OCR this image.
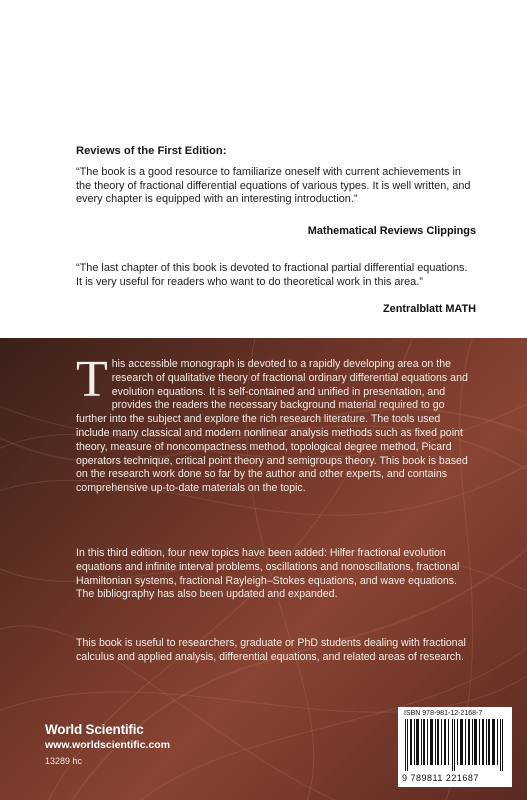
Reviews of the First Edition:
“The book is a good resource to familiarize oneself with current achievements in the theory of fractional differential equations of various types. It is well written, and every chapter is equipped with an interesting introduction.”
Mathematical Reviews Clippings
“The last chapter of this book is devoted to fractional partial differential equations. It is very useful for readers who want to do theoretical work in this area.”
Zentralblatt MATH
This accessible monograph is devoted to a rapidly developing area on the research of qualitative theory of fractional ordinary differential equations and evolution equations. It is self-contained and unified in presentation, and provides the readers the necessary background material required to go further into the subject and explore the rich research literature. The tools used include many classical and modern nonlinear analysis methods such as fixed point theory, measure of noncompactness method, topological degree method, Picard operators technique, critical point theory and semigroups theory. This book is based on the research work done so far by the author and other experts, and contains comprehensive up-to-date materials on the topic.
In this third edition, four new topics have been added: Hilfer fractional evolution equations and infinite interval problems, oscillations and nonoscillations, fractional Hamiltonian systems, fractional Rayleigh–Stokes equations, and wave equations. The bibliography has also been updated and expanded.
This book is useful to researchers, graduate or PhD students dealing with fractional calculus and applied analysis, differential equations, and related areas of research.
World Scientific
www.worldscientific.com
13289 hc
ISBN 978-981-12-2168-7
9 789811 221687
